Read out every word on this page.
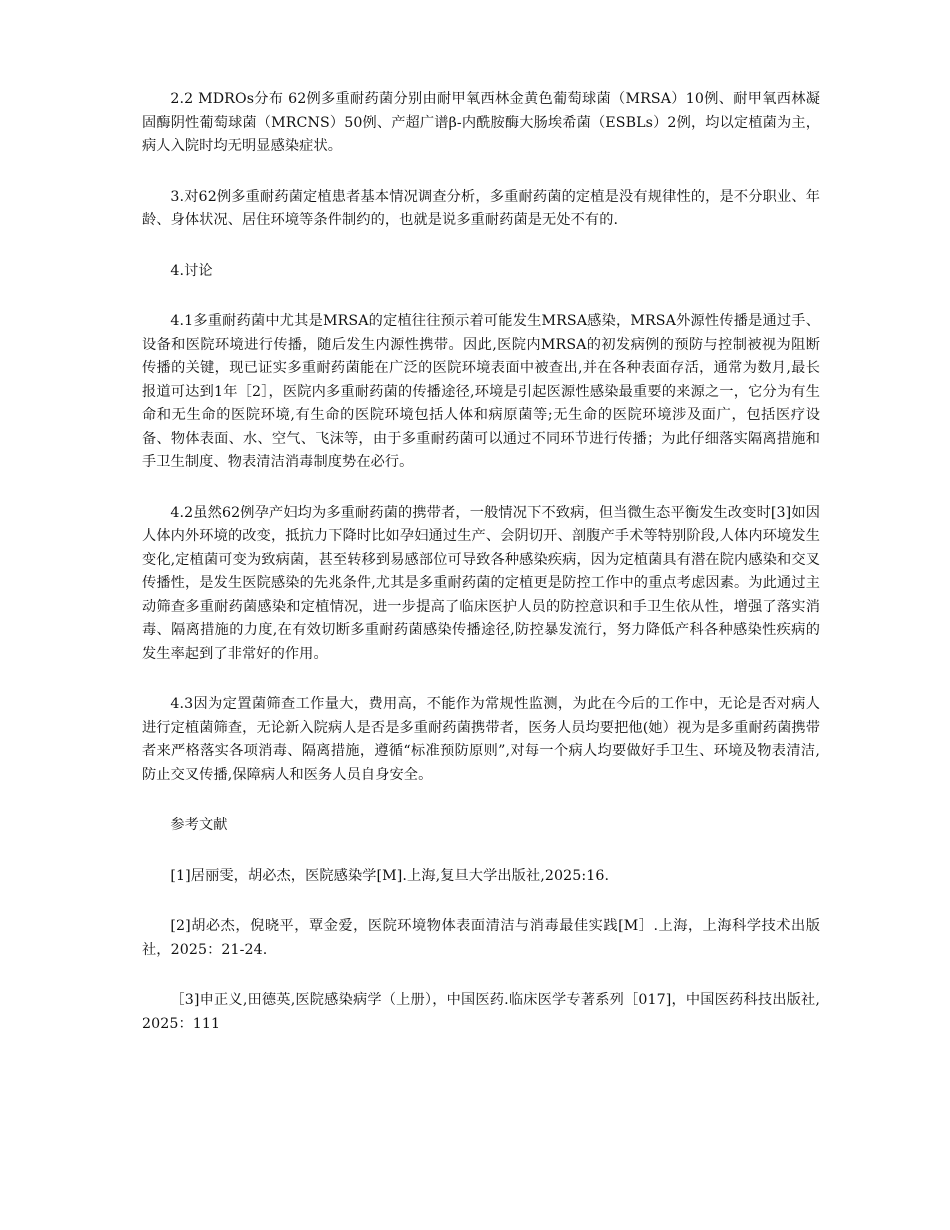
2.2 MDROs分布 62例多重耐药菌分别由耐甲氧西林金黄色葡萄球菌（MRSA）10例、耐甲氧西林凝固酶阴性葡萄球菌（MRCNS）50例、产超广谱β-内酰胺酶大肠埃希菌（ESBLs）2例，均以定植菌为主，病人入院时均无明显感染症状。

3.对62例多重耐药菌定植患者基本情况调查分析，多重耐药菌的定植是没有规律性的，是不分职业、年龄、身体状况、居住环境等条件制约的，也就是说多重耐药菌是无处不有的.

4.讨论

4.1多重耐药菌中尤其是MRSA的定植往往预示着可能发生MRSA感染，MRSA外源性传播是通过手、设备和医院环境进行传播，随后发生内源性携带。因此,医院内MRSA的初发病例的预防与控制被视为阻断传播的关键，现已证实多重耐药菌能在广泛的医院环境表面中被查出,并在各种表面存活，通常为数月,最长报道可达到1年［2］，医院内多重耐药菌的传播途径,环境是引起医源性感染最重要的来源之一，它分为有生命和无生命的医院环境,有生命的医院环境包括人体和病原菌等;无生命的医院环境涉及面广，包括医疗设备、物体表面、水、空气、飞沫等，由于多重耐药菌可以通过不同环节进行传播；为此仔细落实隔离措施和手卫生制度、物表清洁消毒制度势在必行。

4.2虽然62例孕产妇均为多重耐药菌的携带者，一般情况下不致病，但当微生态平衡发生改变时[3]如因人体内外环境的改变，抵抗力下降时比如孕妇通过生产、会阴切开、剖腹产手术等特别阶段,人体内环境发生变化,定植菌可变为致病菌，甚至转移到易感部位可导致各种感染疾病，因为定植菌具有潜在院内感染和交叉传播性，是发生医院感染的先兆条件,尤其是多重耐药菌的定植更是防控工作中的重点考虑因素。为此通过主动筛查多重耐药菌感染和定植情况，进一步提高了临床医护人员的防控意识和手卫生依从性，增强了落实消毒、隔离措施的力度,在有效切断多重耐药菌感染传播途径,防控暴发流行，努力降低产科各种感染性疾病的发生率起到了非常好的作用。

4.3因为定置菌筛查工作量大，费用高，不能作为常规性监测，为此在今后的工作中，无论是否对病人进行定植菌筛查，无论新入院病人是否是多重耐药菌携带者，医务人员均要把他(她）视为是多重耐药菌携带者来严格落实各项消毒、隔离措施，遵循“标准预防原则”,对每一个病人均要做好手卫生、环境及物表清洁,防止交叉传播,保障病人和医务人员自身安全。

参考文献

[1]居丽雯，胡必杰，医院感染学[M].上海,复旦大学出版社,2025:16.

[2]胡必杰，倪晓平，覃金爱，医院环境物体表面清洁与消毒最佳实践[M］.上海，上海科学技术出版社，2025：21-24.

［3]申正义,田德英,医院感染病学（上册），中国医药.临床医学专著系列［017]，中国医药科技出版社,2025：111
